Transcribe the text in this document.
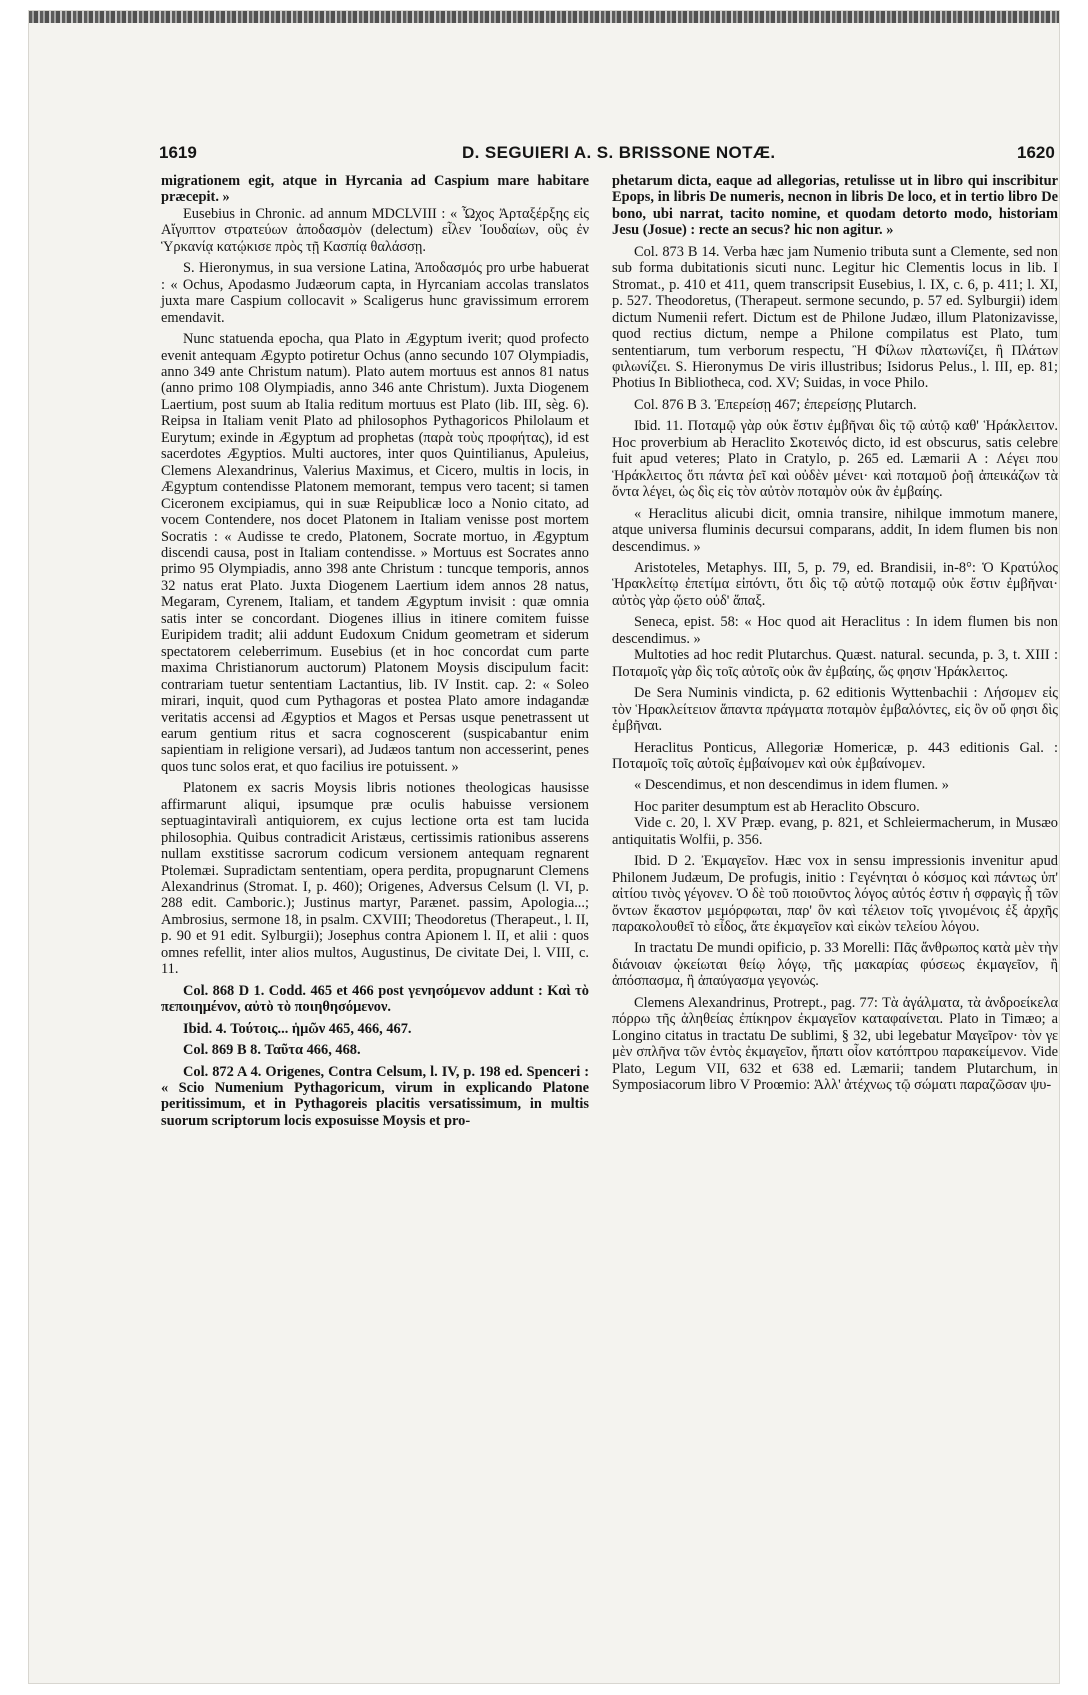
1619	D. SEGUIERI A. S. BRISSONE NOTÆ.	1620

migrationem egit, atque in Hyrcania ad Caspium mare habitare præcepit. »

Eusebius in Chronic. ad annum MDCLVIII : « Ὦχος Ἀρταξέρξης εἰς Αἴγυπτον στρατεύων ἀποδασμὸν (delectum) εἷλεν Ἰουδαίων, οὓς ἐν Ὑρκανίᾳ κατῴκισε πρὸς τῇ Κασπίᾳ θαλάσσῃ.

S. Hieronymus, in sua versione Latina, Ἀποδασμός pro urbe habuerat : « Ochus, Apodasmo Judæorum capta, in Hyrcaniam accolas translatos juxta mare Caspium collocavit » Scaligerus hunc gravissimum errorem emendavit.

Nunc statuenda epocha, qua Plato in Ægyptum iverit; quod profecto evenit antequam Ægypto potiretur Ochus (anno secundo 107 Olympiadis, anno 349 ante Christum natum). Plato autem mortuus est annos 81 natus (anno primo 108 Olympiadis, anno 346 ante Christum). Juxta Diogenem Laertium, post suum ab Italia reditum mortuus est Plato (lib. III, sèg. 6). Reipsa in Italiam venit Plato ad philosophos Pythagoricos Philolaum et Eurytum; exinde in Ægyptum ad prophetas (παρὰ τοὺς προφήτας), id est sacerdotes Ægyptios. Multi auctores, inter quos Quintilianus, Apuleius, Clemens Alexandrinus, Valerius Maximus, et Cicero, multis in locis, in Ægyptum contendisse Platonem memorant, tempus vero tacent; si tamen Ciceronem excipiamus, qui in suæ Reipublicæ loco a Nonio citato, ad vocem Contendere, nos docet Platonem in Italiam venisse post mortem Socratis : « Audisse te credo, Platonem, Socrate mortuo, in Ægyptum discendi causa, post in Italiam contendisse. » Mortuus est Socrates anno primo 95 Olympiadis, anno 398 ante Christum : tuncque temporis, annos 32 natus erat Plato. Juxta Diogenem Laertium idem annos 28 natus, Megaram, Cyrenem, Italiam, et tandem Ægyptum invisit : quæ omnia satis inter se concordant. Diogenes illius in itinere comitem fuisse Euripidem tradit; alii addunt Eudoxum Cnidum geometram et siderum spectatorem celeberrimum. Eusebius (et in hoc concordat cum parte maxima Christianorum auctorum) Platonem Moysis discipulum facit: contrariam tuetur sententiam Lactantius, lib. IV Instit. cap. 2: « Soleo mirari, inquit, quod cum Pythagoras et postea Plato amore indagandæ veritatis accensi ad Ægyptios et Magos et Persas usque penetrassent ut earum gentium ritus et sacra cognoscerent (suspicabantur enim sapientiam in religione versari), ad Judæos tantum non accesserint, penes quos tunc solos erat, et quo facilius ire potuissent. »

Platonem ex sacris Moysis libris notiones theologicas hausisse affirmarunt aliqui, ipsumque præ oculis habuisse versionem septuagintaviralì antiquiorem, ex cujus lectione orta est tam lucida philosophia. Quibus contradicit Aristæus, certissimis rationibus asserens nullam exstitisse sacrorum codicum versionem antequam regnarent Ptolemæi. Supradictam sententiam, opera perdita, propugnarunt Clemens Alexandrinus (Stromat. I, p. 460); Origenes, Adversus Celsum (l. VI, p. 288 edit. Camboric.); Justinus martyr, Parænet. passim, Apologia...; Ambrosius, sermone 18, in psalm. CXVIII; Theodoretus (Therapeut., l. II, p. 90 et 91 edit. Sylburgii); Josephus contra Apionem l. II, et alii : quos omnes refellit, inter alios multos, Augustinus, De civitate Dei, l. VIII, c. 11.

Col. 868 D 1. Codd. 465 et 466 post γενησόμενον addunt : Καὶ τὸ πεποιημένον, αὐτὸ τὸ ποιηθησόμενον.

Ibid. 4. Τούτοις... ἡμῶν 465, 466, 467.

Col. 869 B 8. Ταῦτα 466, 468.

Col. 872 A 4. Origenes, Contra Celsum, l. IV, p. 198 ed. Spenceri : « Scio Numenium Pythagoricum, virum in explicando Platone peritissimum, et in Pythagoreis placitis versatissimum, in multis suorum scriptorum locis exposuisse Moysis et pro-

phetarum dicta, eaque ad allegorias, retulisse ut in libro qui inscribitur Epops, in libris De numeris, necnon in libris De loco, et in tertio libro De bono, ubi narrat, tacito nomine, et quodam detorto modo, historiam Jesu (Josue) : recte an secus? hic non agitur. »

Col. 873 B 14. Verba hæc jam Numenio tributa sunt a Clemente, sed non sub forma dubitationis sicuti nunc. Legitur hic Clementis locus in lib. I Stromat., p. 410 et 411, quem transcripsit Eusebius, l. IX, c. 6, p. 411; l. XI, p. 527. Theodoretus, (Therapeut. sermone secundo, p. 57 ed. Sylburgii) idem dictum Numenii refert. Dictum est de Philone Judæo, illum Platonizavisse, quod rectius dictum, nempe a Philone compilatus est Plato, tum sententiarum, tum verborum respectu, Ἢ Φίλων πλατωνίζει, ἢ Πλάτων φιλωνίζει. S. Hieronymus De viris illustribus; Isidorus Pelus., l. III, ep. 81; Photius In Bibliotheca, cod. XV; Suidas, in voce Philo.

Col. 876 B 3. Ἐπερείσῃ 467; ἐπερείσῃς Plutarch.

Ibid. 11. Ποταμῷ γὰρ οὐκ ἔστιν ἐμβῆναι δὶς τῷ αὐτῷ καθ' Ἡράκλειτον. Hoc proverbium ab Heraclito Σκοτεινός dicto, id est obscurus, satis celebre fuit apud veteres; Plato in Cratylo, p. 265 ed. Læmarii A : Λέγει που Ἡράκλειτος ὅτι πάντα ῥεῖ καὶ οὐδὲν μένει· καὶ ποταμοῦ ῥοῇ ἀπεικάζων τὰ ὄντα λέγει, ὡς δὶς εἰς τὸν αὐτὸν ποταμὸν οὐκ ἂν ἐμβαίης.

« Heraclitus alicubi dicit, omnia transire, nihilque immotum manere, atque universa fluminis decursui comparans, addit, In idem flumen bis non descendimus. »

Aristoteles, Metaphys. III, 5, p. 79, ed. Brandisii, in-8°: Ὁ Κρατύλος Ἡρακλείτῳ ἐπετίμα εἰπόντι, ὅτι δὶς τῷ αὐτῷ ποταμῷ οὐκ ἔστιν ἐμβῆναι· αὐτὸς γὰρ ᾤετο οὐδ' ἅπαξ.

Seneca, epist. 58: « Hoc quod ait Heraclitus : In idem flumen bis non descendimus. »

Multoties ad hoc redit Plutarchus. Quæst. natural. secunda, p. 3, t. XIII : Ποταμοῖς γὰρ δὶς τοῖς αὐτοῖς οὐκ ἂν ἐμβαίης, ὥς φησιν Ἡράκλειτος.

De Sera Numinis vindicta, p. 62 editionis Wyttenbachii : Λήσομεν εἰς τὸν Ἡρακλείτειον ἅπαντα πράγματα ποταμὸν ἐμβαλόντες, εἰς ὃν οὔ φησι δὶς ἐμβῆναι.

Heraclitus Ponticus, Allegoriæ Homericæ, p. 443 editionis Gal. : Ποταμοῖς τοῖς αὐτοῖς ἐμβαίνομεν καὶ οὐκ ἐμβαίνομεν.

« Descendimus, et non descendimus in idem flumen. »

Hoc pariter desumptum est ab Heraclito Obscuro.

Vide c. 20, l. XV Præp. evang, p. 821, et Schleiermacherum, in Musæo antiquitatis Wolfii, p. 356.

Ibid. D 2. Ἐκμαγεῖον. Hæc vox in sensu impressionis invenitur apud Philonem Judæum, De profugis, initio : Γεγένηται ὁ κόσμος καὶ πάντως ὑπ' αἰτίου τινὸς γέγονεν. Ὁ δὲ τοῦ ποιοῦντος λόγος αὐτός ἐστιν ἡ σφραγὶς ᾗ τῶν ὄντων ἕκαστον μεμόρφωται, παρ' ὃν καὶ τέλειον τοῖς γινομένοις ἐξ ἀρχῆς παρακολουθεῖ τὸ εἶδος, ἅτε ἐκμαγεῖον καὶ εἰκὼν τελείου λόγου.

In tractatu De mundi opificio, p. 33 Morelli: Πᾶς ἄνθρωπος κατὰ μὲν τὴν διάνοιαν ᾠκείωται θείῳ λόγῳ, τῆς μακαρίας φύσεως ἐκμαγεῖον, ἢ ἀπόσπασμα, ἢ ἀπαύγασμα γεγονώς.

Clemens Alexandrinus, Protrept., pag. 77: Τὰ ἀγάλματα, τὰ ἀνδροείκελα πόρρω τῆς ἀληθείας ἐπίκηρον ἐκμαγεῖον καταφαίνεται. Plato in Timæo; a Longino citatus in tractatu De sublimi, § 32, ubi legebatur Μαγεῖρον· τὸν γε μὲν σπλῆνα τῶν ἐντὸς ἐκμαγεῖον, ἤπατι οἷον κατόπτρου παρακείμενον. Vide Plato, Legum VII, 632 et 638 ed. Læmarii; tandem Plutarchum, in Symposiacorum libro V Proœmio: Ἀλλ' ἀτέχνως τῷ σώματι παραζῶσαν ψυ-
